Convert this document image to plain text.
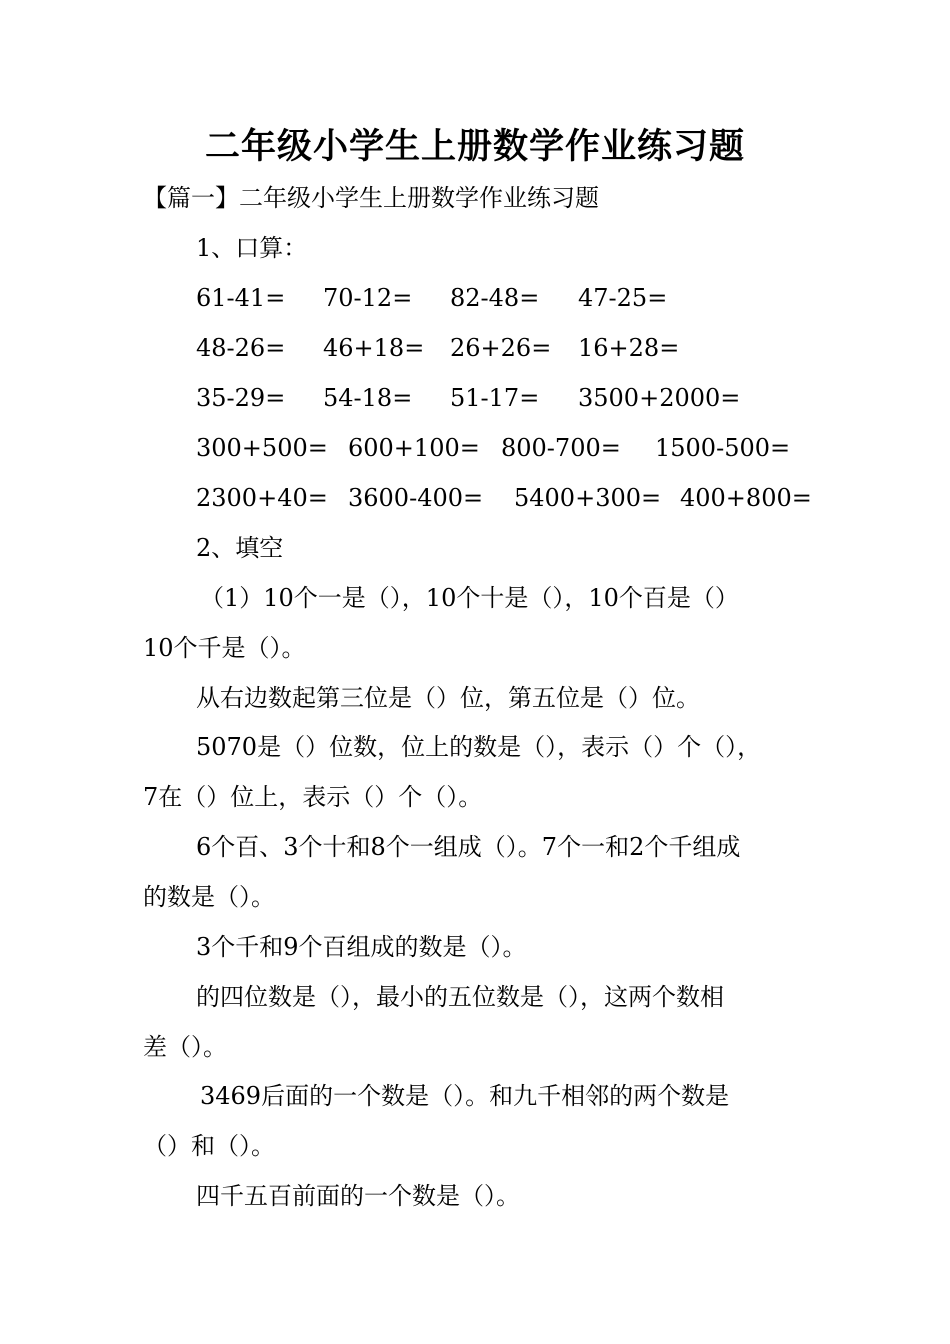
二年级小学生上册数学作业练习题
【篇一】二年级小学生上册数学作业练习题
1、口算：
61-41= 70-12= 82-48= 47-25=
48-26= 46+18= 26+26= 16+28=
35-29= 54-18= 51-17= 3500+2000=
300+500= 600+100= 800-700= 1500-500=
2300+40= 3600-400= 5400+300= 400+800=
2、填空
（1）10个一是（），10个十是（），10个百是（）
10个千是（）。
从右边数起第三位是（）位，第五位是（）位。
5070是（）位数，位上的数是（），表示（）个（），
7在（）位上，表示（）个（）。
6个百、3个十和8个一组成（）。7个一和2个千组成
的数是（）。
3个千和9个百组成的数是（）。
的四位数是（），最小的五位数是（），这两个数相
差（）。
3469后面的一个数是（）。和九千相邻的两个数是
（）和（）。
四千五百前面的一个数是（）。
